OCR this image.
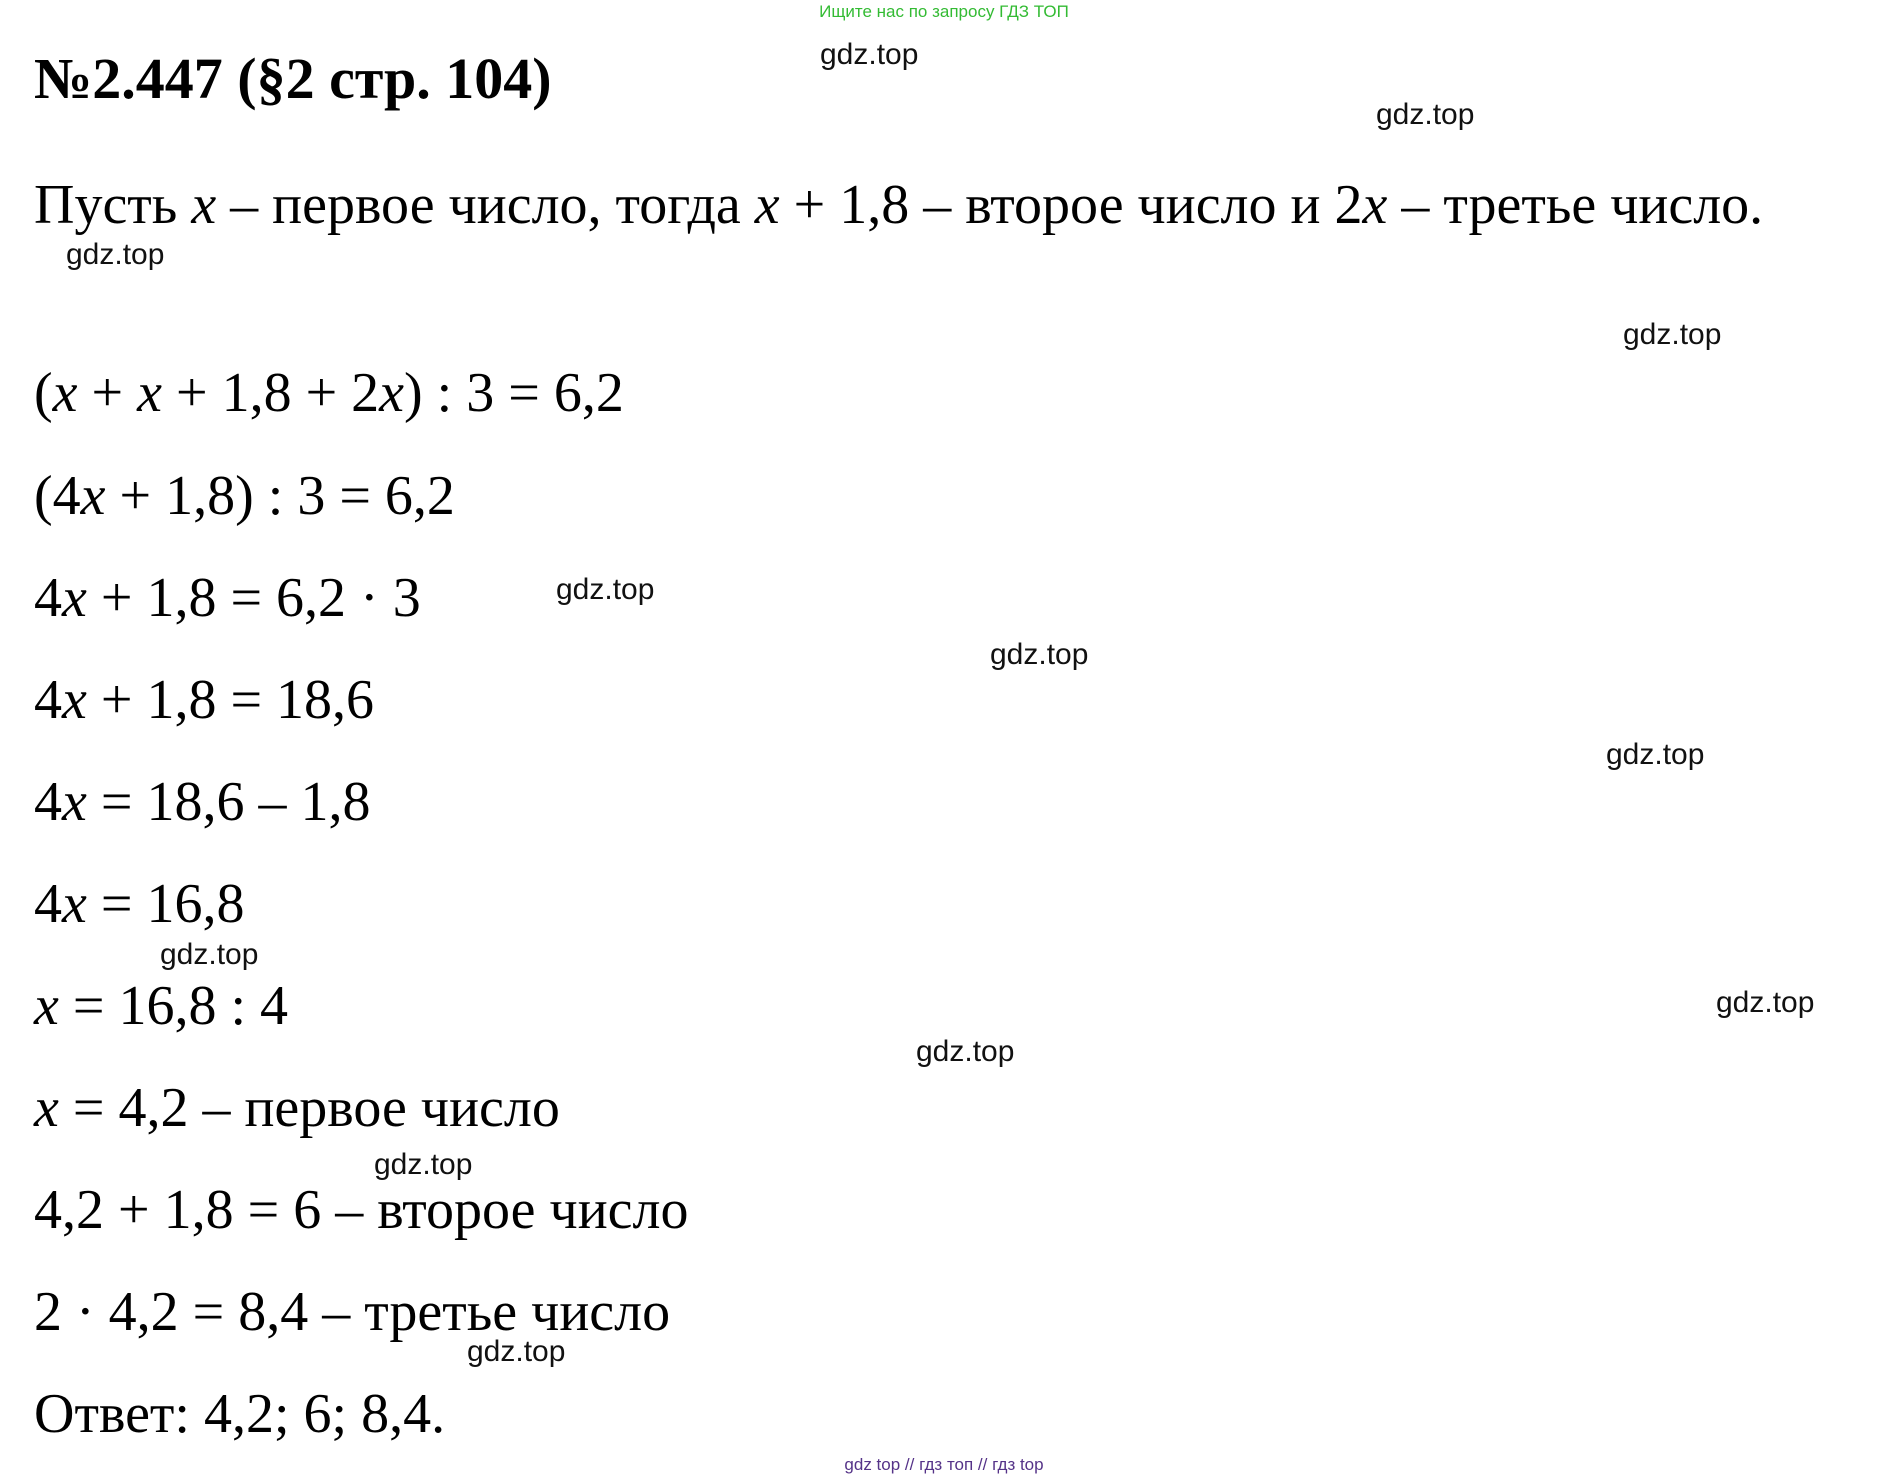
Ищите нас по запросу ГДЗ ТОП
№2.447 (§2 стр. 104)
Пусть x – первое число, тогда x + 1,8 – второе число и 2x – третье число.
(x + x + 1,8 + 2x) : 3 = 6,2
(4x + 1,8) : 3 = 6,2
4x + 1,8 = 6,2 · 3
4x + 1,8 = 18,6
4x = 18,6 – 1,8
4x = 16,8
x = 16,8 : 4
x = 4,2 – первое число
4,2 + 1,8 = 6 – второе число
2 · 4,2 = 8,4 – третье число
Ответ: 4,2; 6; 8,4.
gdz.top
gdz.top
gdz.top
gdz.top
gdz.top
gdz.top
gdz.top
gdz.top
gdz.top
gdz.top
gdz.top
gdz.top
gdz top // гдз топ // гдз top
